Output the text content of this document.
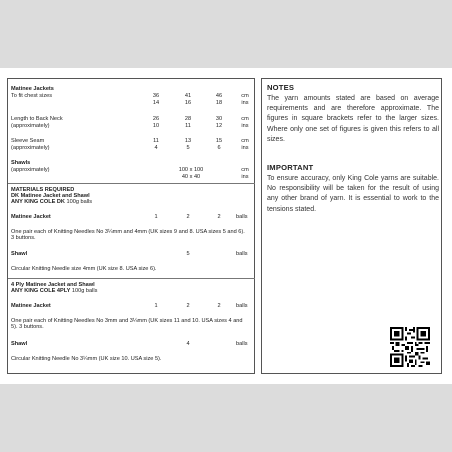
Matinee Jackets
To fit chest sizes	36	41	46	cm
14	16	18	ins
Length to Back Neck	26	28	30	cm
(approximately)	10	11	12	ins
Sleeve Seam	11	13	15	cm
(approximately)	4	5	6	ins
Shawls
(approximately)	100 x 100	cm
40 x 40	ins
MATERIALS REQUIRED
DK Matinee Jacket and Shawl
ANY KING COLE DK 100g balls
Matinee Jacket	1	2	2	balls
One pair each of Knitting Needles No 3¼mm and 4mm (UK sizes 9 and 8. USA sizes 5 and 6). 3 buttons.
Shawl	5	balls
Circular Knitting Needle size 4mm (UK size 8. USA size 6).
4 Ply Matinee Jacket and Shawl
ANY KING COLE 4PLY 100g balls
Matinee Jacket	1	2	2	balls
One pair each of Knitting Needles No 3mm and 3¼mm (UK sizes 11 and 10. USA sizes 4 and 5). 3 buttons.
Shawl	4	balls
Circular Knitting Needle No 3¼mm (UK size 10. USA size 5).
NOTES
The yarn amounts stated are based on average requirements and are therefore approximate. The figures in square brackets refer to the larger sizes. Where only one set of figures is given this refers to all sizes.
IMPORTANT
To ensure accuracy, only King Cole yarns are suitable. No responsibility will be taken for the result of using any other brand of yarn. It is essential to work to the tensions stated.
